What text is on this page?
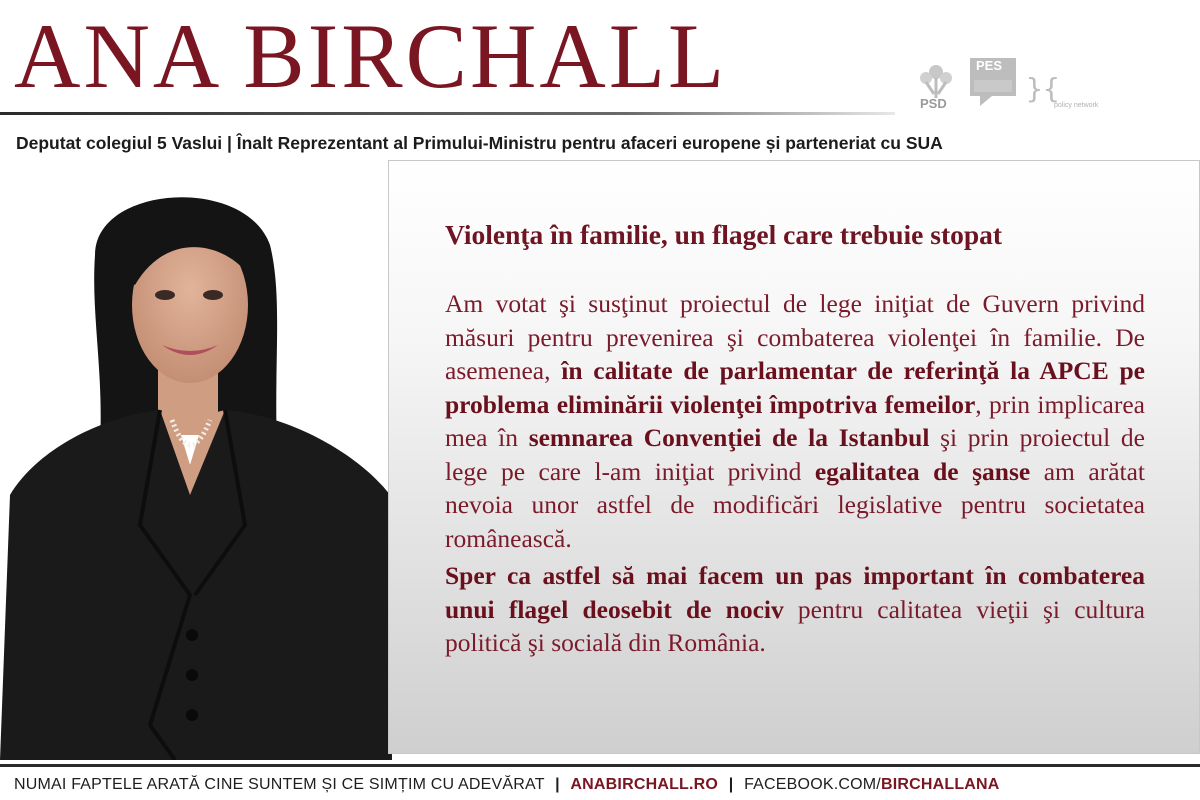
ANA BIRCHALL	PSD
PES
}{
policy network
Deputat colegiul 5 Vaslui | Înalt Reprezentant al Primului-Ministru pentru afaceri europene și parteneriat cu SUA
Violenţa în familie, un flagel care trebuie stopat

Am votat şi susţinut proiectul de lege iniţiat de Guvern privind măsuri pentru prevenirea şi combaterea violenţei în familie. De asemenea, în calitate de parlamentar de referinţă la APCE pe problema eliminării violenţei împotriva femeilor, prin implicarea mea în semnarea Convenţiei de la Istanbul şi prin proiectul de lege pe care l-am iniţiat privind egalitatea de şanse am arătat nevoia unor astfel de modificări legislative pentru societatea românească.

Sper ca astfel să mai facem un pas important în combaterea unui flagel deosebit de nociv pentru calitatea vieţii şi cultura politică şi socială din România.

NUMAI FAPTELE ARATĂ CINE SUNTEM ȘI CE SIMȚIM CU ADEVĂRAT | ANABIRCHALL.RO | FACEBOOK.COM/BIRCHALLANA
